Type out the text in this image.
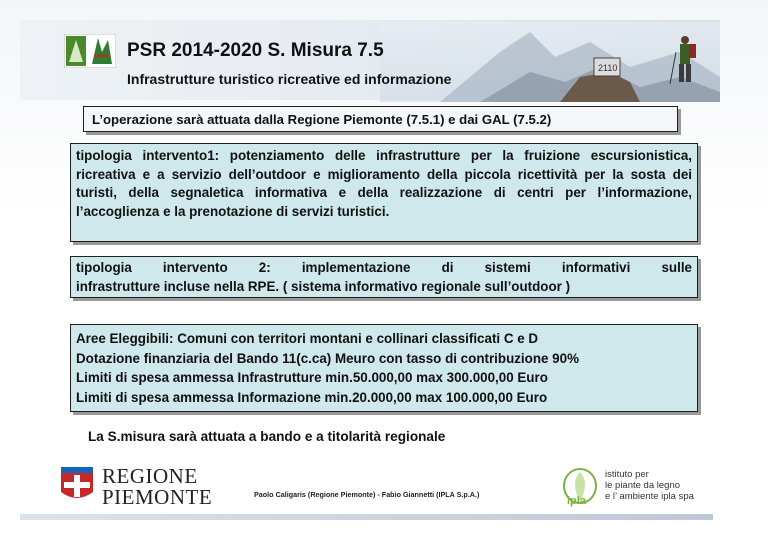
2110
PSR 2014-2020 S. Misura 7.5
Infrastrutture turistico ricreative ed informazione
L’operazione sarà attuata dalla Regione Piemonte (7.5.1) e dai GAL (7.5.2)
tipologia intervento1: potenziamento delle infrastrutture per la fruizione escursionistica, ricreativa e a servizio dell’outdoor e miglioramento della piccola ricettività per la sosta dei turisti, della segnaletica informativa e della realizzazione di centri per l’informazione, l’accoglienza e la prenotazione di servizi turistici.
tipologia intervento 2: implementazione di sistemi informativi sulle
infrastrutture incluse nella RPE. ( sistema informativo regionale sull’outdoor )
Aree Eleggibili: Comuni con territori montani e collinari classificati C e D
Dotazione finanziaria del Bando 11(c.ca) Meuro con tasso di contribuzione 90%
Limiti di spesa ammessa Infrastrutture min.50.000,00 max 300.000,00 Euro
Limiti di spesa ammessa Informazione min.20.000,00 max 100.000,00 Euro
La S.misura sarà attuata a bando e a titolarità regionale
REGIONE
PIEMONTE	Paolo Caligaris (Regione Piemonte) - Fabio Giannetti (IPLA S.p.A.)
ipla
istituto per
le piante da legno
e l’ ambiente ipla spa
